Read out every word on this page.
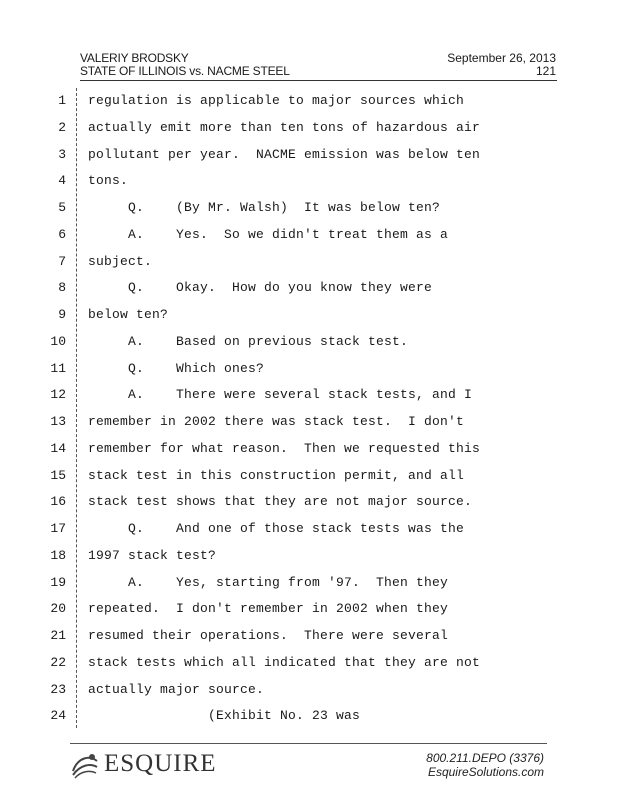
VALERIY BRODSKY
STATE OF ILLINOIS vs. NACME STEEL
September 26, 2013
121
1 regulation is applicable to major sources which
2 actually emit more than ten tons of hazardous air
3 pollutant per year.  NACME emission was below ten
4 tons.
5 Q.    (By Mr. Walsh)  It was below ten?
6 A.    Yes.  So we didn't treat them as a
7 subject.
8 Q.    Okay.  How do you know they were
9 below ten?
10 A.    Based on previous stack test.
11 Q.    Which ones?
12 A.    There were several stack tests, and I
13 remember in 2002 there was stack test.  I don't
14 remember for what reason.  Then we requested this
15 stack test in this construction permit, and all
16 stack test shows that they are not major source.
17 Q.    And one of those stack tests was the
18 1997 stack test?
19 A.    Yes, starting from '97.  Then they
20 repeated.  I don't remember in 2002 when they
21 resumed their operations.  There were several
22 stack tests which all indicated that they are not
23 actually major source.
24 (Exhibit No. 23 was
ESQUIRE	800.211.DEPO (3376)
EsquireSolutions.com
